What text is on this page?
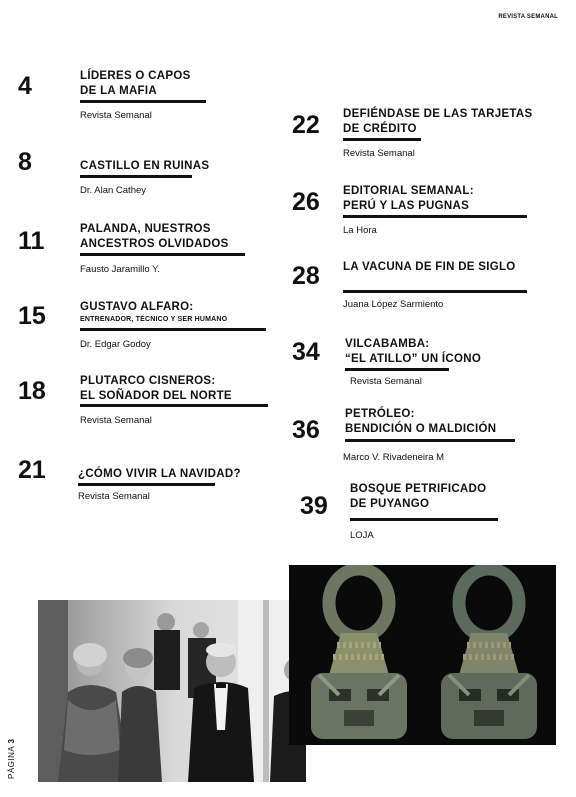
REVISTA SEMANAL
4	LÍDERES O CAPOS
DE LA MAFIA
Revista Semanal
8	CASTILLO EN RUINAS
Dr. Alan Cathey
11	PALANDA, NUESTROS
ANCESTROS OLVIDADOS
Fausto Jaramillo Y.
15	GUSTAVO ALFARO:
ENTRENADOR, TÉCNICO Y SER HUMANO
Dr. Edgar Godoy
18	PLUTARCO CISNEROS:
EL SOÑADOR DEL NORTE
Revista Semanal
21	¿CÓMO VIVIR LA NAVIDAD?
Revista Semanal
22 DEFIÉNDASE DE LAS TARJETAS
DE CRÉDITO
Revista Semanal
26 EDITORIAL SEMANAL:
PERÚ Y LAS PUGNAS
La Hora
28 LA VACUNA DE FIN DE SIGLO
Juana López Sarmiento
34 VILCABAMBA:
“EL ATILLO” UN ÍCONO
Revista Semanal
36
PETRÓLEO:
BENDICIÓN O MALDICIÓN
Marco V. Rivadeneira M
39
BOSQUE PETRIFICADO
DE PUYANGO
LOJA
PÁGINA 3
